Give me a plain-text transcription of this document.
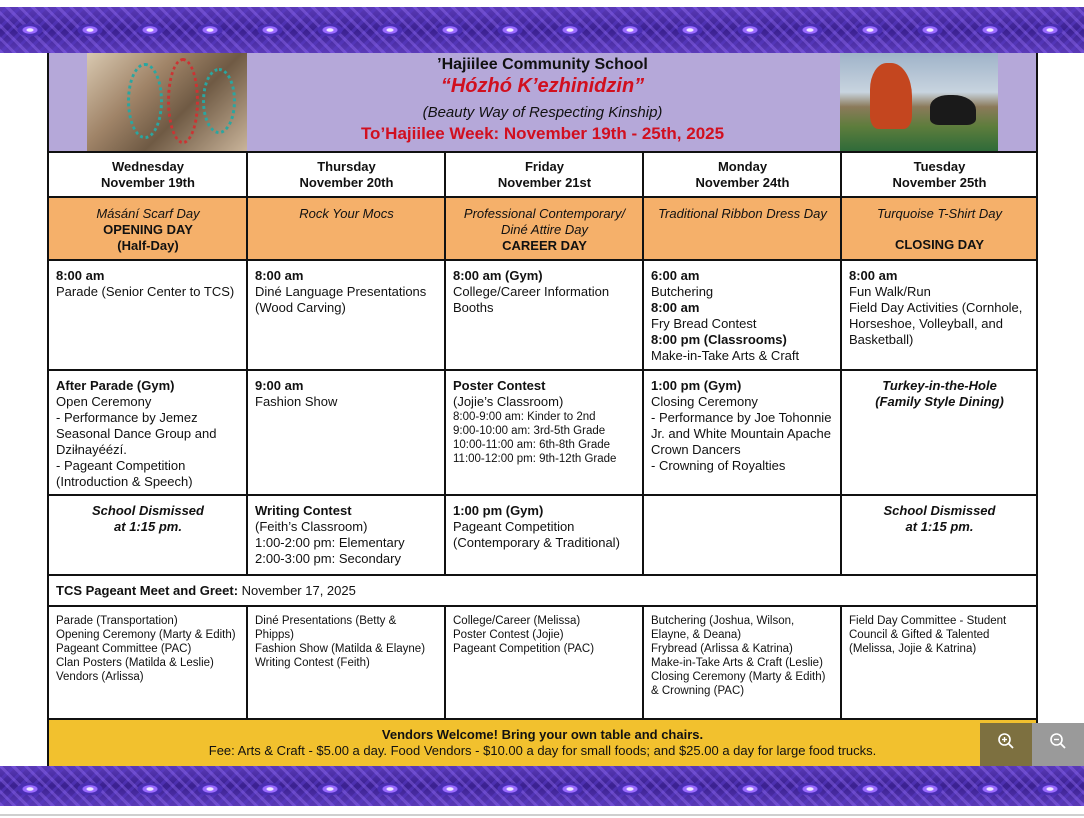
’Hajiilee Community School
“Hózhó K’ezhinidzin”
(Beauty Way of Respecting Kinship)
To’Hajiilee Week: November 19th - 25th, 2025
Wednesday
November 19th
Thursday
November 20th
Friday
November 21st
Monday
November 24th
Tuesday
November 25th
Másání Scarf Day
OPENING DAY
(Half-Day)
Rock Your Mocs	Professional Contemporary/ Diné Attire Day
CAREER DAY
Traditional Ribbon Dress Day	Turquoise T-Shirt Day
CLOSING DAY
8:00 am
Parade (Senior Center to TCS)
8:00 am
Diné Language Presentations (Wood Carving)
8:00 am (Gym)
College/Career Information Booths
6:00 am
Butchering
8:00 am
Fry Bread Contest
8:00 pm (Classrooms)
Make-in-Take Arts & Craft
8:00 am
Fun Walk/Run
Field Day Activities (Cornhole, Horseshoe, Volleyball, and Basketball)
After Parade (Gym)
Open Ceremony
- Performance by Jemez Seasonal Dance Group and Dziłnayéézí.
- Pageant Competition (Introduction & Speech)
9:00 am
Fashion Show
Poster Contest
(Jojie’s Classroom)
8:00-9:00 am: Kinder to 2nd
9:00-10:00 am: 3rd-5th Grade
10:00-11:00 am: 6th-8th Grade
11:00-12:00 pm: 9th-12th Grade
1:00 pm (Gym)
Closing Ceremony
- Performance by Joe Tohonnie Jr. and White Mountain Apache Crown Dancers
- Crowning of Royalties
Turkey-in-the-Hole
(Family Style Dining)
School Dismissed
at 1:15 pm.
Writing Contest
(Feith’s Classroom)
1:00-2:00 pm: Elementary
2:00-3:00 pm: Secondary
1:00 pm (Gym)
Pageant Competition (Contemporary & Traditional)
School Dismissed
at 1:15 pm.
TCS Pageant Meet and Greet: November 17, 2025
Parade (Transportation)
Opening Ceremony (Marty & Edith)
Pageant Committee (PAC)
Clan Posters (Matilda & Leslie)
Vendors (Arlissa)
Diné Presentations (Betty & Phipps)
Fashion Show (Matilda & Elayne)
Writing Contest (Feith)
College/Career (Melissa)
Poster Contest (Jojie)
Pageant Competition (PAC)
Butchering (Joshua, Wilson, Elayne, & Deana)
Frybread (Arlissa & Katrina)
Make-in-Take Arts & Craft (Leslie)
Closing Ceremony (Marty & Edith) & Crowning (PAC)
Field Day Committee - Student Council & Gifted & Talented (Melissa, Jojie & Katrina)
Vendors Welcome! Bring your own table and chairs.
Fee: Arts & Craft - $5.00 a day. Food Vendors - $10.00 a day for small foods; and $25.00 a day for large food trucks.
